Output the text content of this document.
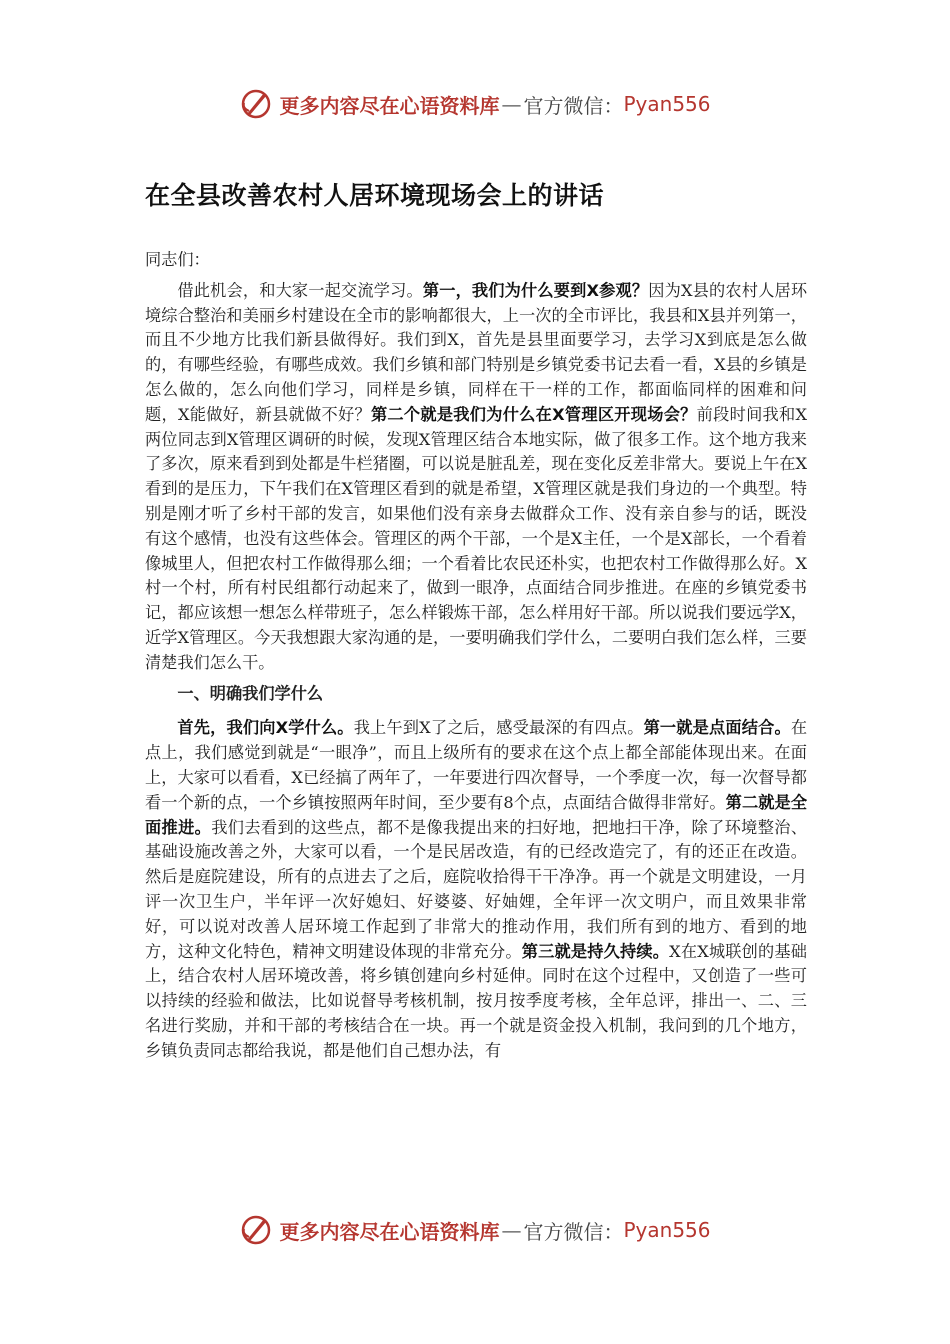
更多内容尽在心语资料库 — 官方微信： Pyan556
在全县改善农村人居环境现场会上的讲话

同志们：

借此机会，和大家一起交流学习。第一，我们为什么要到X参观？因为X县的农村人居环境综合整治和美丽乡村建设在全市的影响都很大，上一次的全市评比，我县和X县并列第一，而且不少地方比我们新县做得好。我们到X，首先是县里面要学习，去学习X到底是怎么做的，有哪些经验，有哪些成效。我们乡镇和部门特别是乡镇党委书记去看一看，X县的乡镇是怎么做的，怎么向他们学习，同样是乡镇，同样在干一样的工作，都面临同样的困难和问题，X能做好，新县就做不好？第二个就是我们为什么在X管理区开现场会？前段时间我和X两位同志到X管理区调研的时候，发现X管理区结合本地实际，做了很多工作。这个地方我来了多次，原来看到到处都是牛栏猪圈，可以说是脏乱差，现在变化反差非常大。要说上午在X看到的是压力，下午我们在X管理区看到的就是希望，X管理区就是我们身边的一个典型。特别是刚才听了乡村干部的发言，如果他们没有亲身去做群众工作、没有亲自参与的话，既没有这个感情，也没有这些体会。管理区的两个干部，一个是X主任，一个是X部长，一个看着像城里人，但把农村工作做得那么细；一个看着比农民还朴实，也把农村工作做得那么好。X村一个村，所有村民组都行动起来了，做到一眼净，点面结合同步推进。在座的乡镇党委书记，都应该想一想怎么样带班子，怎么样锻炼干部，怎么样用好干部。所以说我们要远学X，近学X管理区。今天我想跟大家沟通的是，一要明确我们学什么，二要明白我们怎么样，三要清楚我们怎么干。

一、明确我们学什么

首先，我们向X学什么。我上午到X了之后，感受最深的有四点。第一就是点面结合。在点上，我们感觉到就是“一眼净”，而且上级所有的要求在这个点上都全部能体现出来。在面上，大家可以看看，X已经搞了两年了，一年要进行四次督导，一个季度一次，每一次督导都看一个新的点，一个乡镇按照两年时间，至少要有8个点，点面结合做得非常好。第二就是全面推进。我们去看到的这些点，都不是像我提出来的扫好地，把地扫干净，除了环境整治、基础设施改善之外，大家可以看，一个是民居改造，有的已经改造完了，有的还正在改造。然后是庭院建设，所有的点进去了之后，庭院收拾得干干净净。再一个就是文明建设，一月评一次卫生户，半年评一次好媳妇、好婆婆、好妯娌，全年评一次文明户，而且效果非常好，可以说对改善人居环境工作起到了非常大的推动作用，我们所有到的地方、看到的地方，这种文化特色，精神文明建设体现的非常充分。第三就是持久持续。X在X城联创的基础上，结合农村人居环境改善，将乡镇创建向乡村延伸。同时在这个过程中，又创造了一些可以持续的经验和做法，比如说督导考核机制，按月按季度考核，全年总评，排出一、二、三名进行奖励，并和干部的考核结合在一块。再一个就是资金投入机制，我问到的几个地方，乡镇负责同志都给我说，都是他们自己想办法，有

更多内容尽在心语资料库 — 官方微信： Pyan556
